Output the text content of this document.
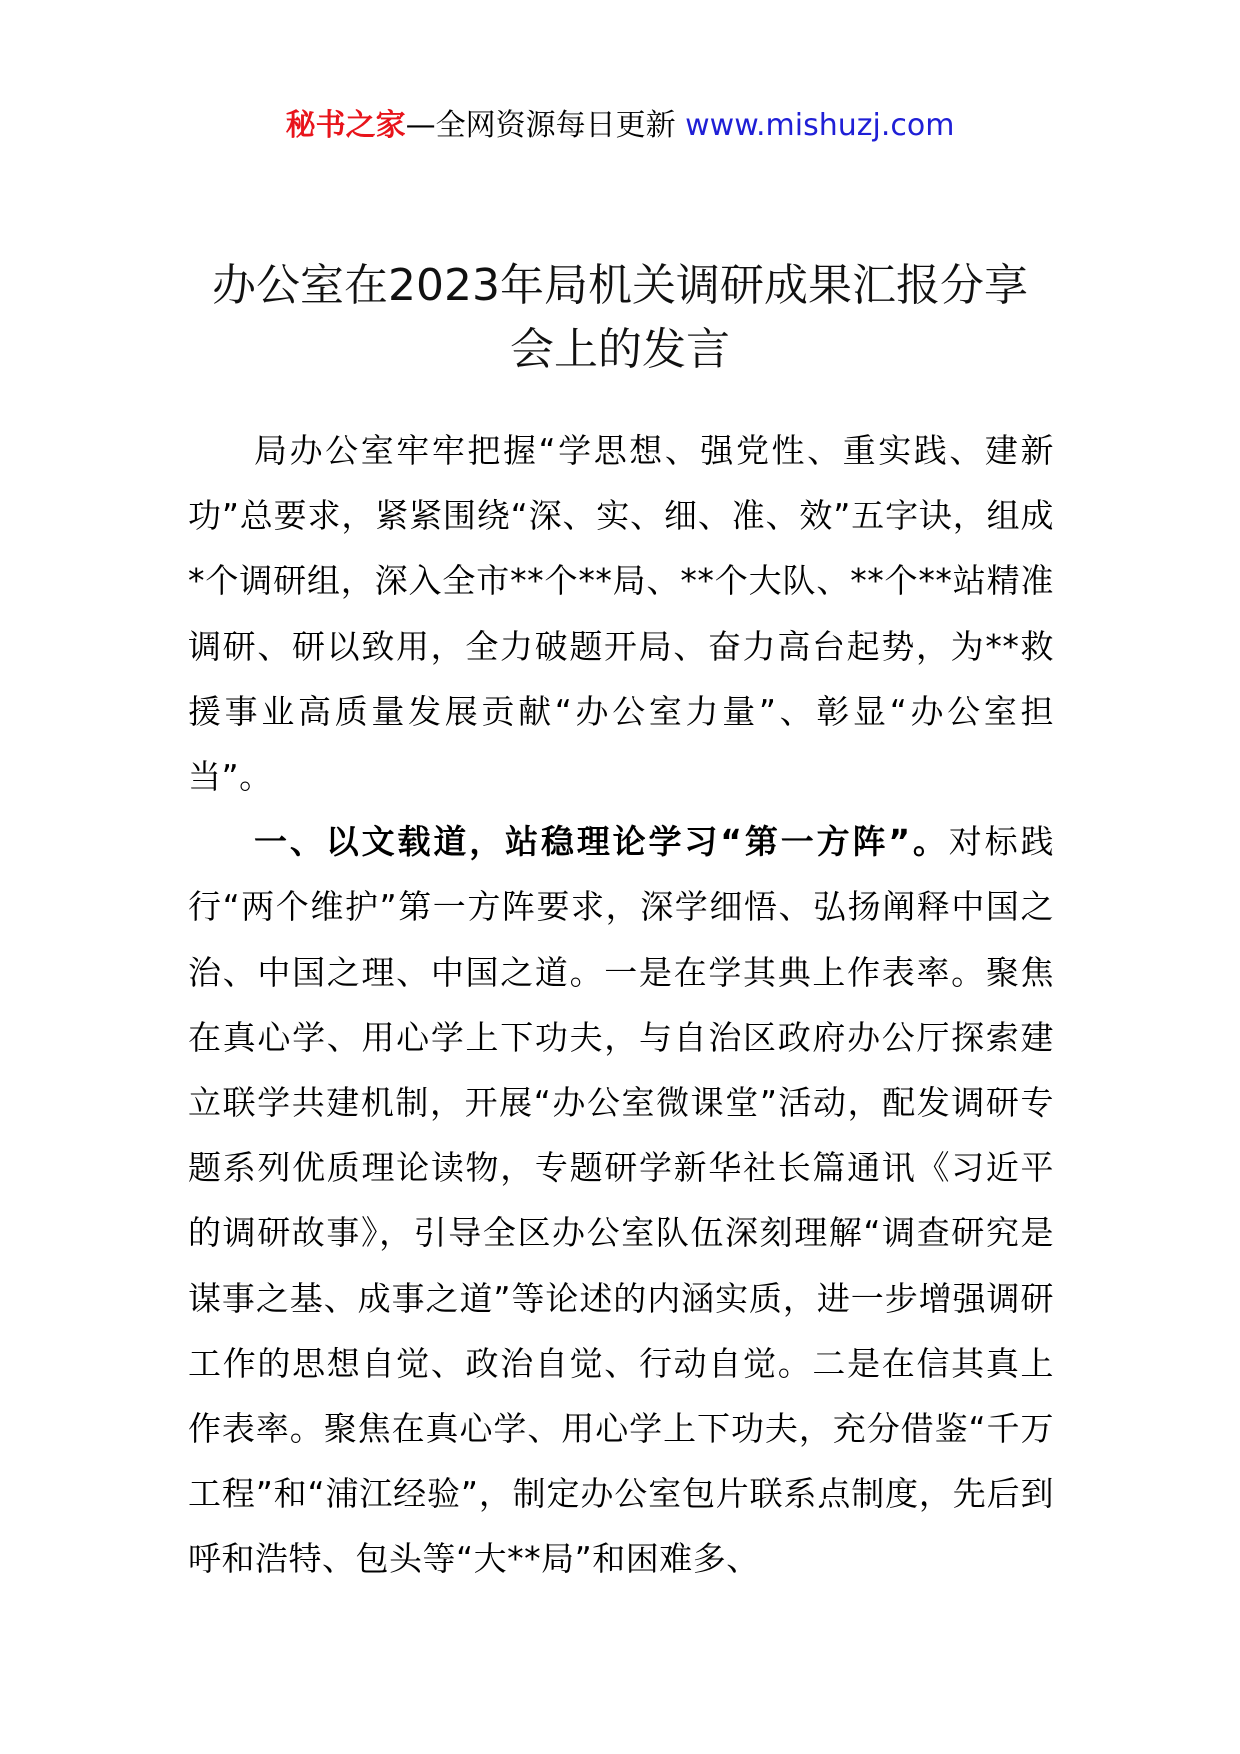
秘书之家—全网资源每日更新 www.mishuzj.com
办公室在2023年局机关调研成果汇报分享
会上的发言

局办公室牢牢把握“学思想、强党性、重实践、建新功”总要求，紧紧围绕“深、实、细、准、效”五字诀，组成*个调研组，深入全市**个**局、**个大队、**个**站精准调研、研以致用，全力破题开局、奋力高台起势，为**救援事业高质量发展贡献“办公室力量”、彰显“办公室担当”。

一、以文载道，站稳理论学习“第一方阵”。对标践行“两个维护”第一方阵要求，深学细悟、弘扬阐释中国之治、中国之理、中国之道。一是在学其典上作表率。聚焦在真心学、用心学上下功夫，与自治区政府办公厅探索建立联学共建机制，开展“办公室微课堂”活动，配发调研专题系列优质理论读物，专题研学新华社长篇通讯《习近平的调研故事》，引导全区办公室队伍深刻理解“调查研究是谋事之基、成事之道”等论述的内涵实质，进一步增强调研工作的思想自觉、政治自觉、行动自觉。二是在信其真上作表率。聚焦在真心学、用心学上下功夫，充分借鉴“千万工程”和“浦江经验”，制定办公室包片联系点制度，先后到呼和浩特、包头等“大**局”和困难多、
